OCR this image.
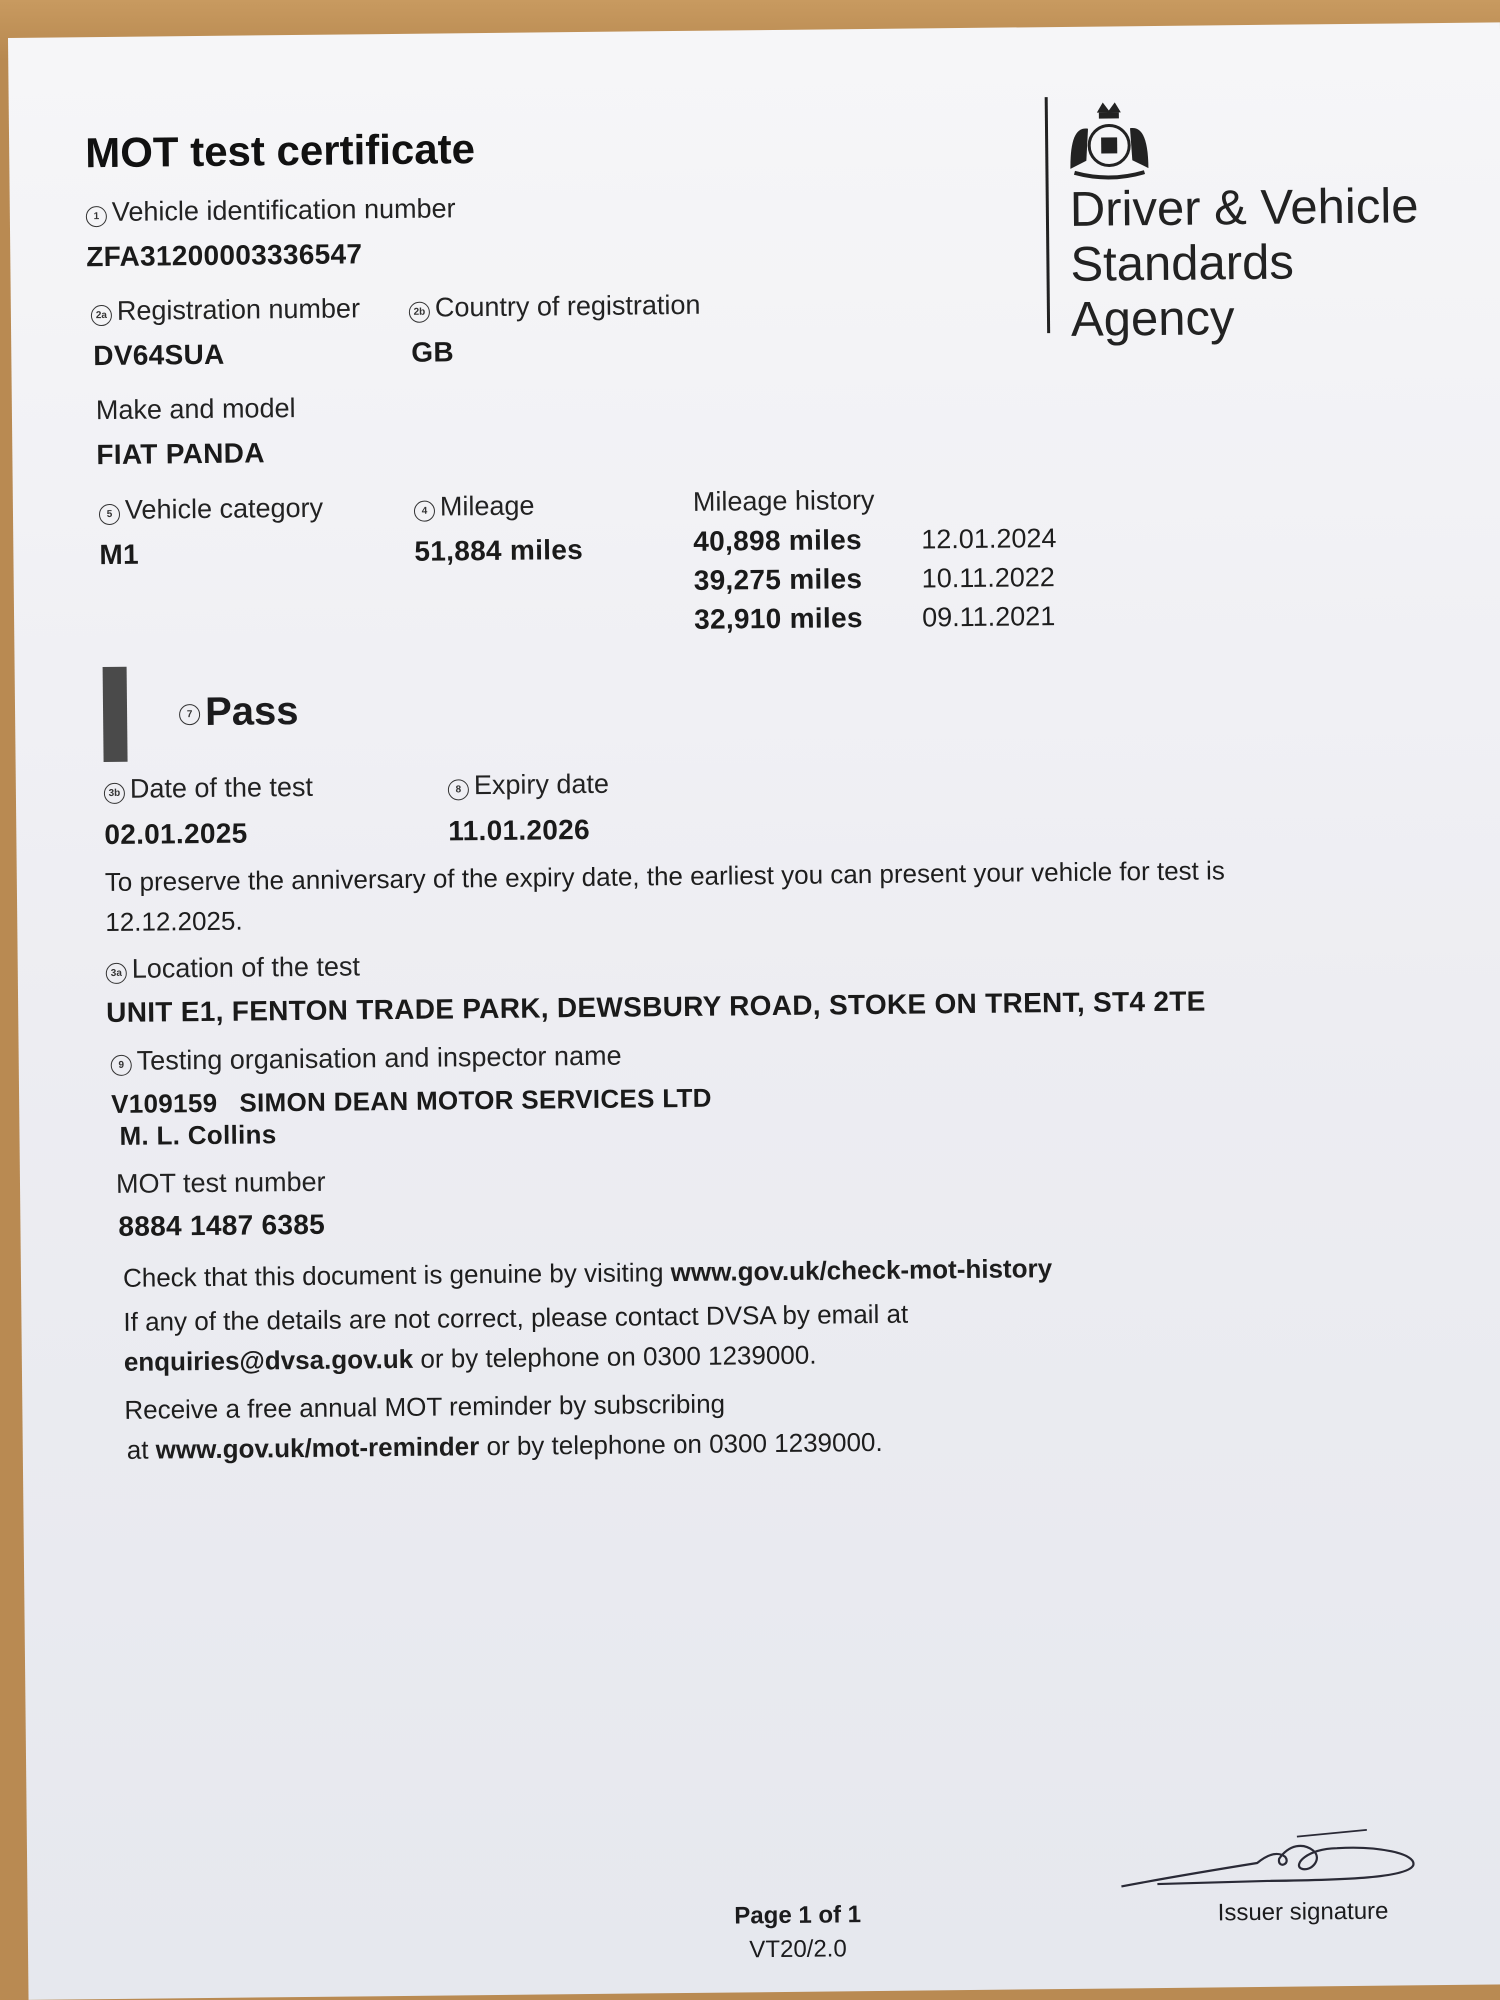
MOT test certificate
Driver & Vehicle
Standards
Agency
1 Vehicle identification number
ZFA31200003336547
2a Registration number
DV64SUA
2b Country of registration
GB
Make and model
FIAT PANDA
5 Vehicle category
M1
4 Mileage
51,884 miles
Mileage history
40,898 miles 12.01.2024
39,275 miles 10.11.2022
32,910 miles 09.11.2021
7 Pass
3b Date of the test
02.01.2025
8 Expiry date
11.01.2026
To preserve the anniversary of the expiry date, the earliest you can present your vehicle for test is
12.12.2025.
3a Location of the test
UNIT E1, FENTON TRADE PARK, DEWSBURY ROAD, STOKE ON TRENT, ST4 2TE
9 Testing organisation and inspector name
V109159 SIMON DEAN MOTOR SERVICES LTD
M. L. Collins
MOT test number
8884 1487 6385
Check that this document is genuine by visiting www.gov.uk/check-mot-history
If any of the details are not correct, please contact DVSA by email at
enquiries@dvsa.gov.uk or by telephone on 0300 1239000.
Receive a free annual MOT reminder by subscribing
at www.gov.uk/mot-reminder or by telephone on 0300 1239000.
Page 1 of 1
VT20/2.0
Issuer signature
